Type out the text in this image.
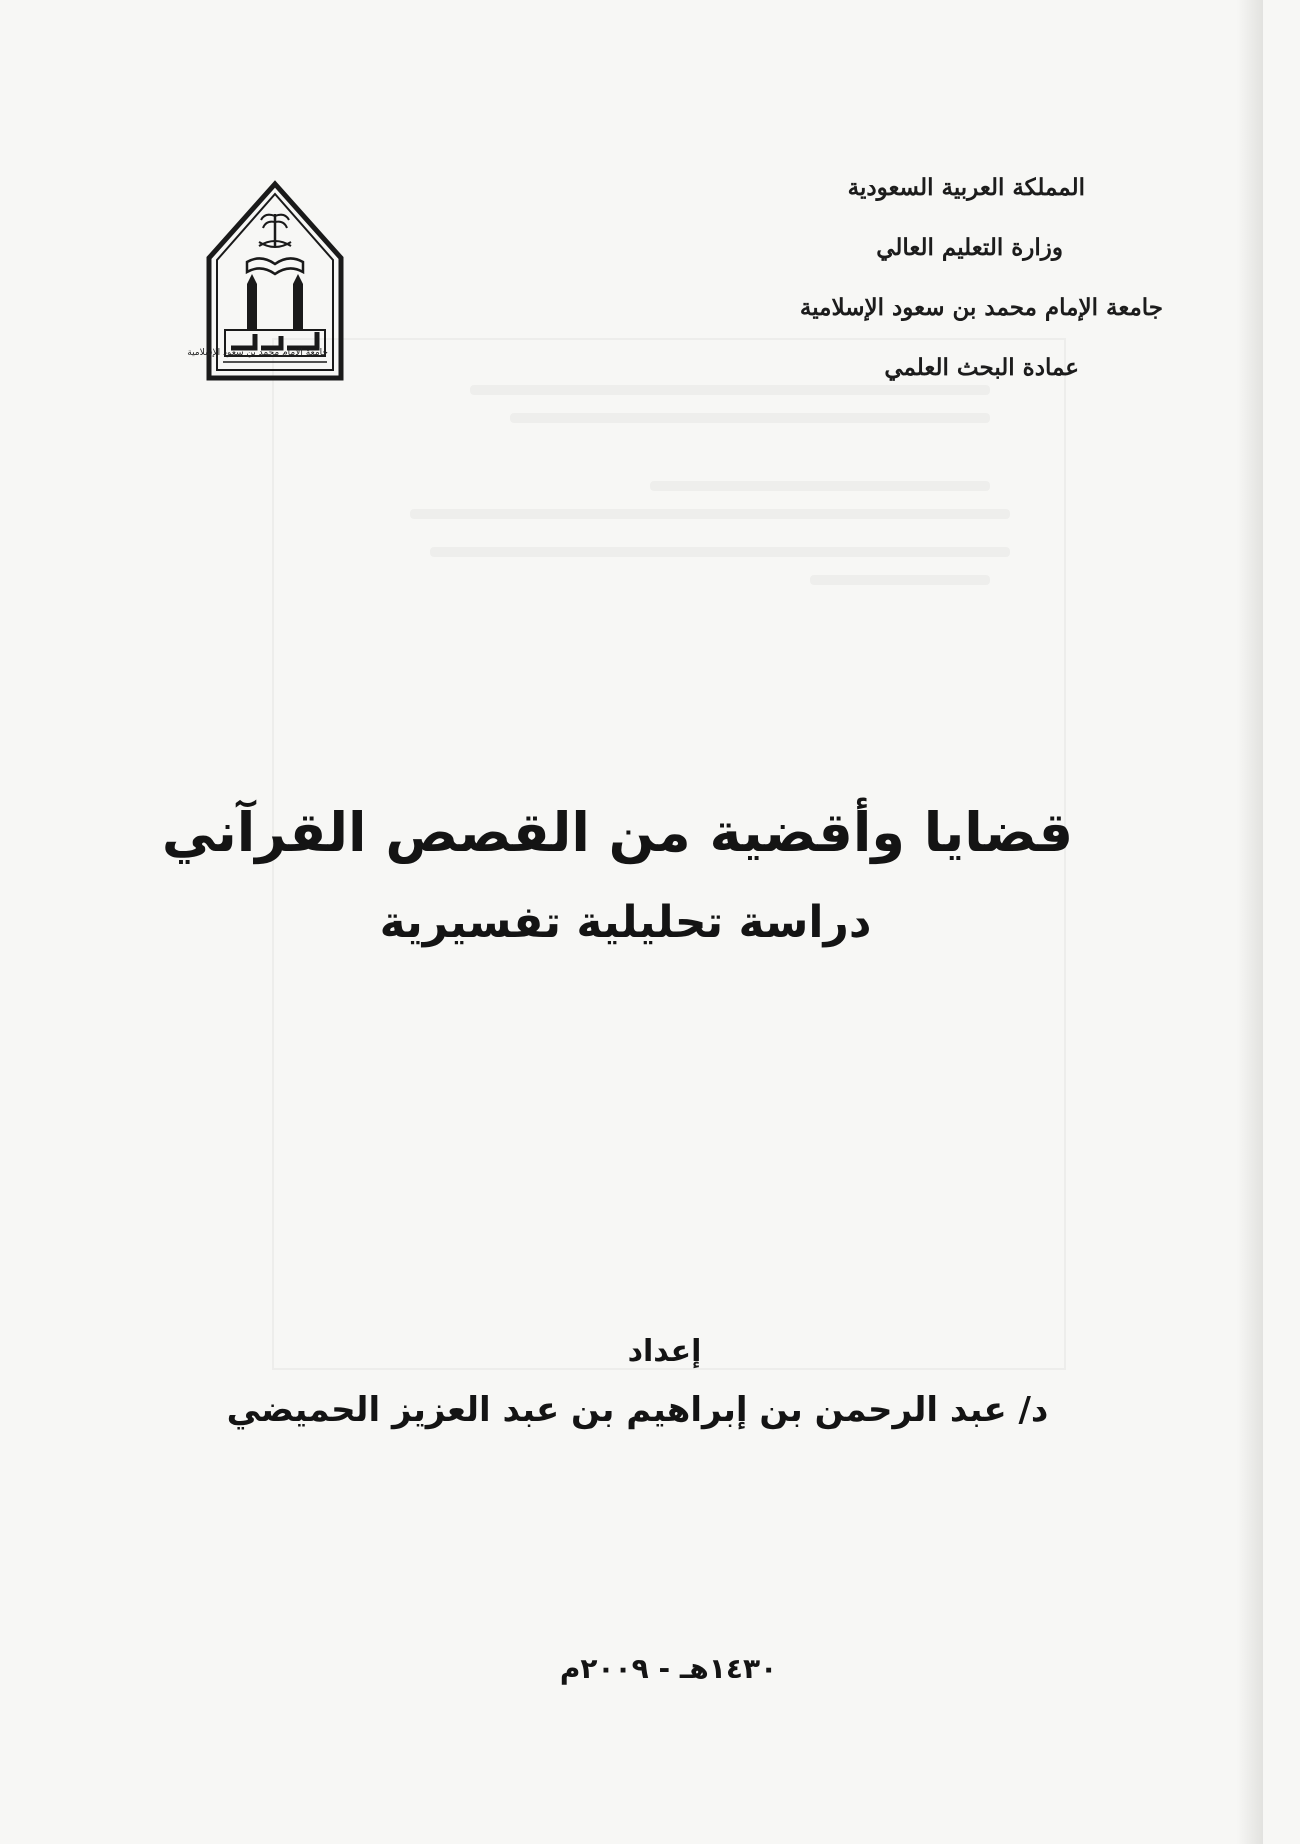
المملكة العربية السعودية
وزارة التعليم العالي
جامعة الإمام محمد بن سعود الإسلامية
عمادة البحث العلمي
جامعة الإمام محمد بن سعود الإسلامية
قضايا وأقضية من القصص القرآني
دراسة تحليلية تفسيرية
إعداد
د/ عبد الرحمن بن إبراهيم بن عبد العزيز الحميضي
١٤٣٠هـ - ٢٠٠٩م
